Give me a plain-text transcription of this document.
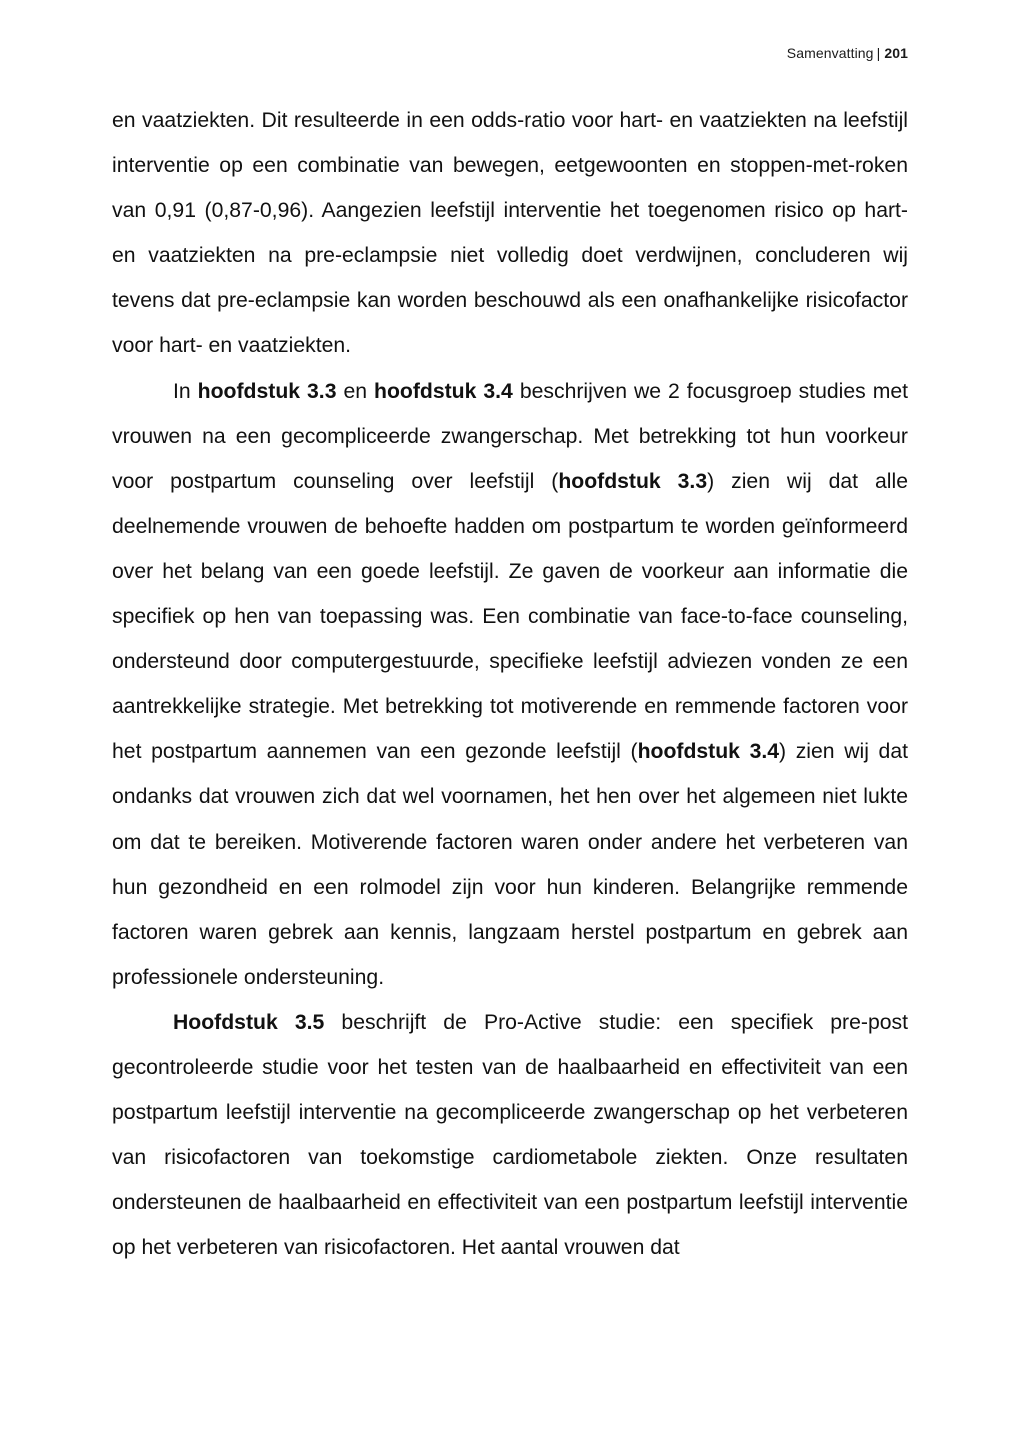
Samenvatting | 201

en vaatziekten. Dit resulteerde in een odds-ratio voor hart- en vaatziekten na leefstijl interventie op een combinatie van bewegen, eetgewoonten en stoppen-met-roken van 0,91 (0,87-0,96). Aangezien leefstijl interventie het toegenomen risico op hart- en vaatziekten na pre-eclampsie niet volledig doet verdwijnen, concluderen wij tevens dat pre-eclampsie kan worden beschouwd als een onafhankelijke risicofactor voor hart- en vaatziekten.

In hoofdstuk 3.3 en hoofdstuk 3.4 beschrijven we 2 focusgroep studies met vrouwen na een gecompliceerde zwangerschap. Met betrekking tot hun voorkeur voor postpartum counseling over leefstijl (hoofdstuk 3.3) zien wij dat alle deelnemende vrouwen de behoefte hadden om postpartum te worden geïnformeerd over het belang van een goede leefstijl. Ze gaven de voorkeur aan informatie die specifiek op hen van toepassing was. Een combinatie van face-to-face counseling, ondersteund door computergestuurde, specifieke leefstijl adviezen vonden ze een aantrekkelijke strategie. Met betrekking tot motiverende en remmende factoren voor het postpartum aannemen van een gezonde leefstijl (hoofdstuk 3.4) zien wij dat ondanks dat vrouwen zich dat wel voornamen, het hen over het algemeen niet lukte om dat te bereiken. Motiverende factoren waren onder andere het verbeteren van hun gezondheid en een rolmodel zijn voor hun kinderen. Belangrijke remmende factoren waren gebrek aan kennis, langzaam herstel postpartum en gebrek aan professionele ondersteuning.

Hoofdstuk 3.5 beschrijft de Pro-Active studie: een specifiek pre-post gecontroleerde studie voor het testen van de haalbaarheid en effectiviteit van een postpartum leefstijl interventie na gecompliceerde zwangerschap op het verbeteren van risicofactoren van toekomstige cardiometabole ziekten. Onze resultaten ondersteunen de haalbaarheid en effectiviteit van een postpartum leefstijl interventie op het verbeteren van risicofactoren. Het aantal vrouwen dat
